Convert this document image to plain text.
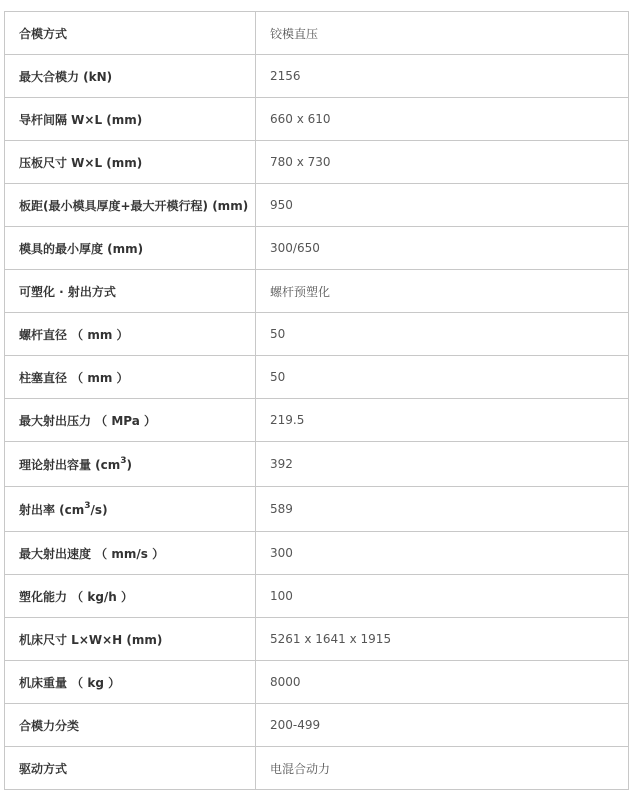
合模方式	铰模直压
最大合模力 (kN)	2156
导杆间隔 W×L (mm)	660 x 610
压板尺寸 W×L (mm)	780 x 730
板距(最小模具厚度+最大开模行程) (mm)	950
模具的最小厚度 (mm)	300/650
可塑化 · 射出方式	螺杆预塑化
螺杆直径 （ mm ）	50
柱塞直径 （ mm ）	50
最大射出压力 （ MPa ）	219.5
理论射出容量 $(cm^3)$	392
射出率 $(cm^3/s)$	589
最大射出速度 （ mm/s ）	300
塑化能力 （ kg/h ）	100
机床尺寸 L×W×H (mm)	5261 x 1641 x 1915
机床重量 （ kg ）	8000
合模力分类	200-499
驱动方式	电混合动力
